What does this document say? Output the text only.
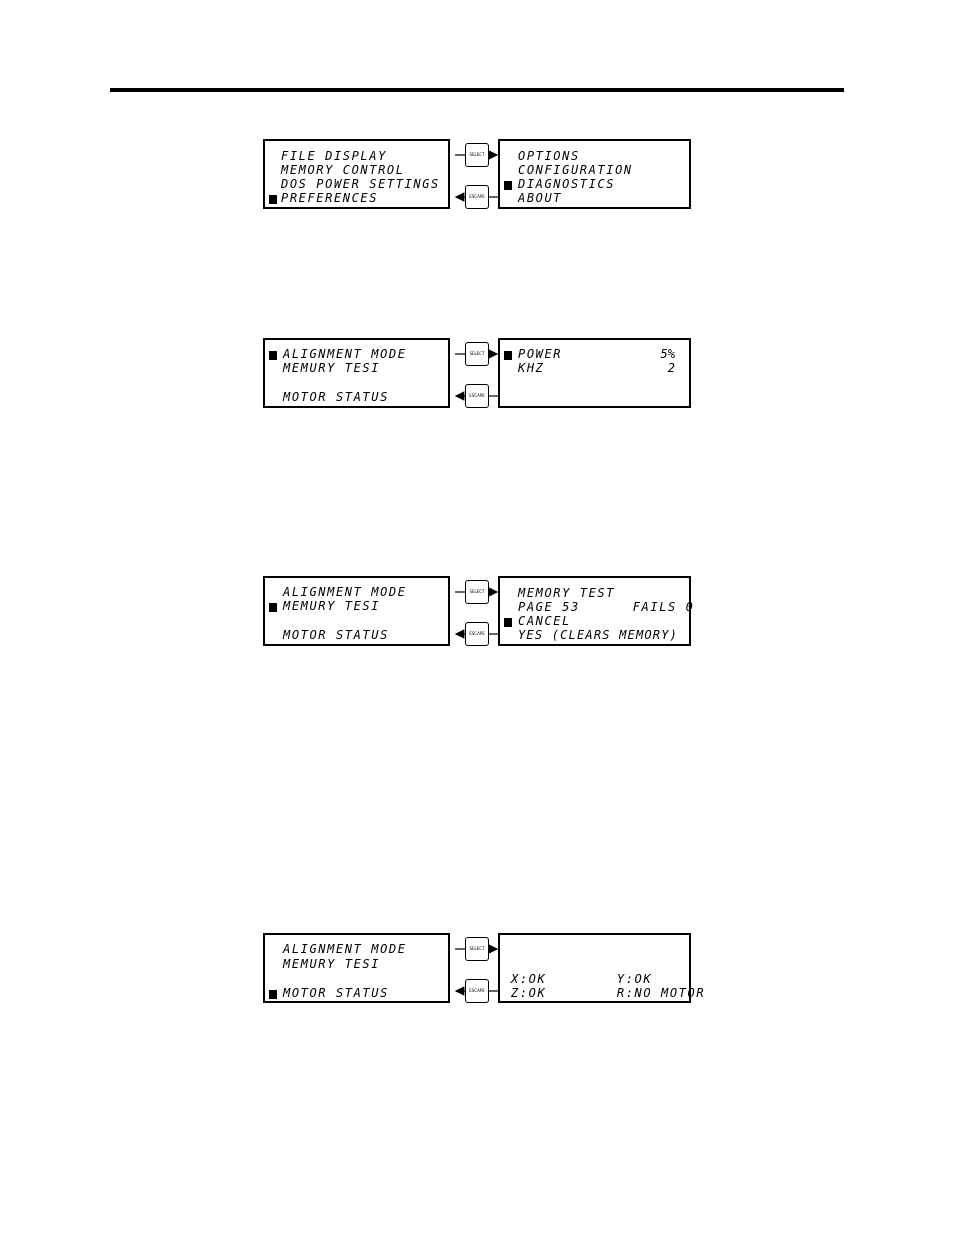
FILE DISPLAY
MEMORY CONTROL
DOS POWER SETTINGS
PREFERENCES
SELECT
ESCAPE
OPTIONS
CONFIGURATION
DIAGNOSTICS
ABOUT
ALIGNMENT MODE
MEMURY TESI
MOTOR STATUS
SELECT
ESCAPE
POWER	5%
KHZ	2
ALIGNMENT MODE
MEMURY TESI
MOTOR STATUS
SELECT
ESCAPE
MEMORY TEST
PAGE 53      FAILS 0
CANCEL
YES (CLEARS MEMORY)
ALIGNMENT MODE
MEMURY TESI
MOTOR STATUS
SELECT
ESCAPE
X:OK        Y:OK
Z:OK        R:NO MOTOR
